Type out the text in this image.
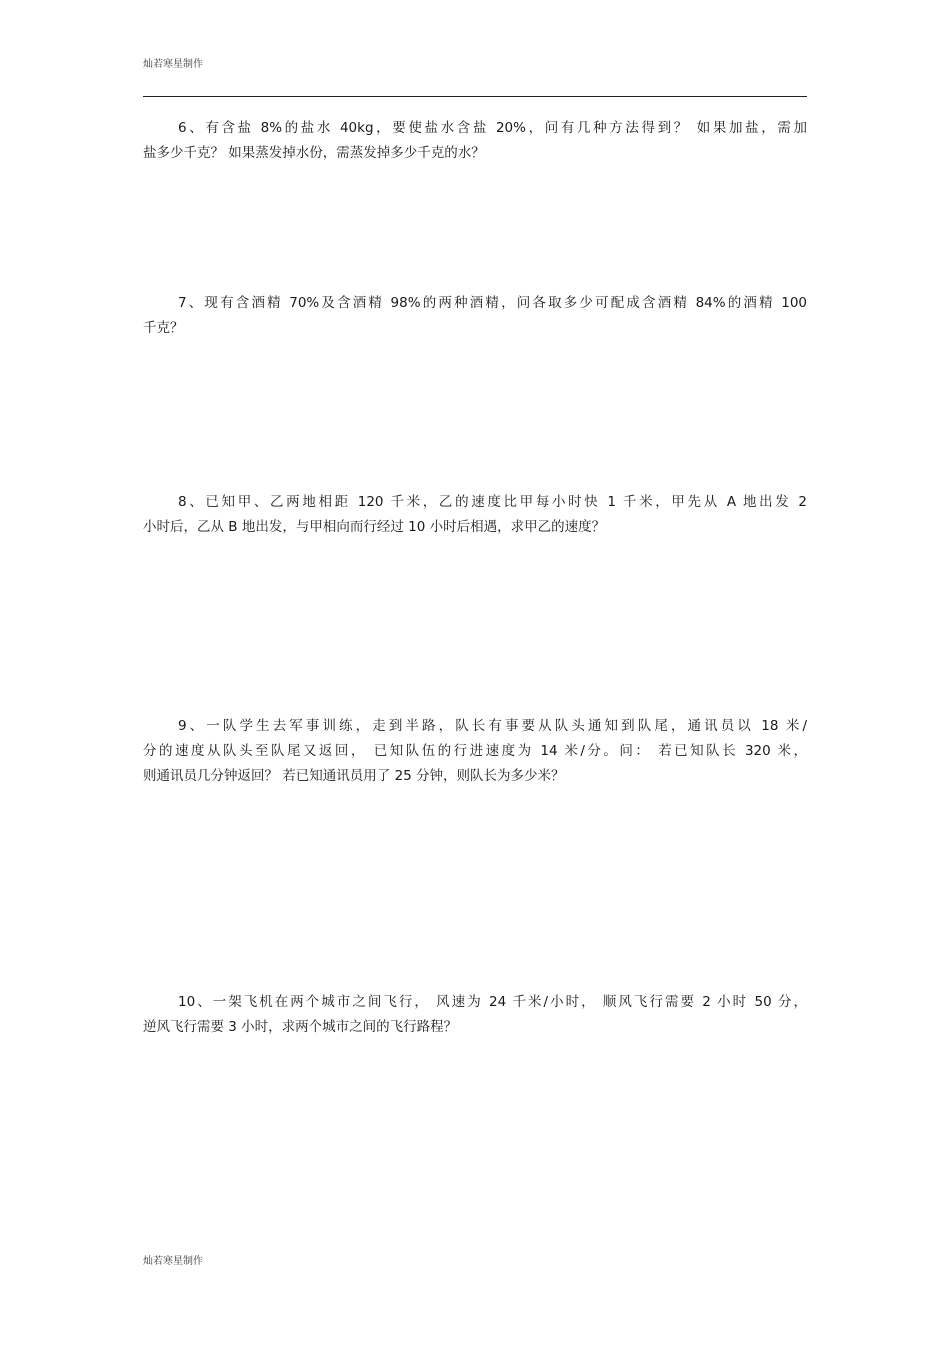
灿若寒星制作
6、有含盐 8%的盐水 40kg，要使盐水含盐 20%，问有几种方法得到？ 如果加盐，需加
盐多少千克？ 如果蒸发掉水份，需蒸发掉多少千克的水？
7、现有含酒精 70%及含酒精 98%的两种酒精，问各取多少可配成含酒精 84%的酒精 100
千克？
8、已知甲、乙两地相距 120 千米，乙的速度比甲每小时快 1 千米，甲先从 A 地出发 2
小时后，乙从 B 地出发，与甲相向而行经过 10 小时后相遇，求甲乙的速度？
9、一队学生去军事训练，走到半路，队长有事要从队头通知到队尾，通讯员以 18 米/
分的速度从队头至队尾又返回， 已知队伍的行进速度为 14 米/分。问： 若已知队长 320 米，
则通讯员几分钟返回？ 若已知通讯员用了 25 分钟，则队长为多少米？
10、一架飞机在两个城市之间飞行， 风速为 24 千米/小时， 顺风飞行需要 2 小时 50 分，
逆风飞行需要 3 小时，求两个城市之间的飞行路程？
灿若寒星制作
